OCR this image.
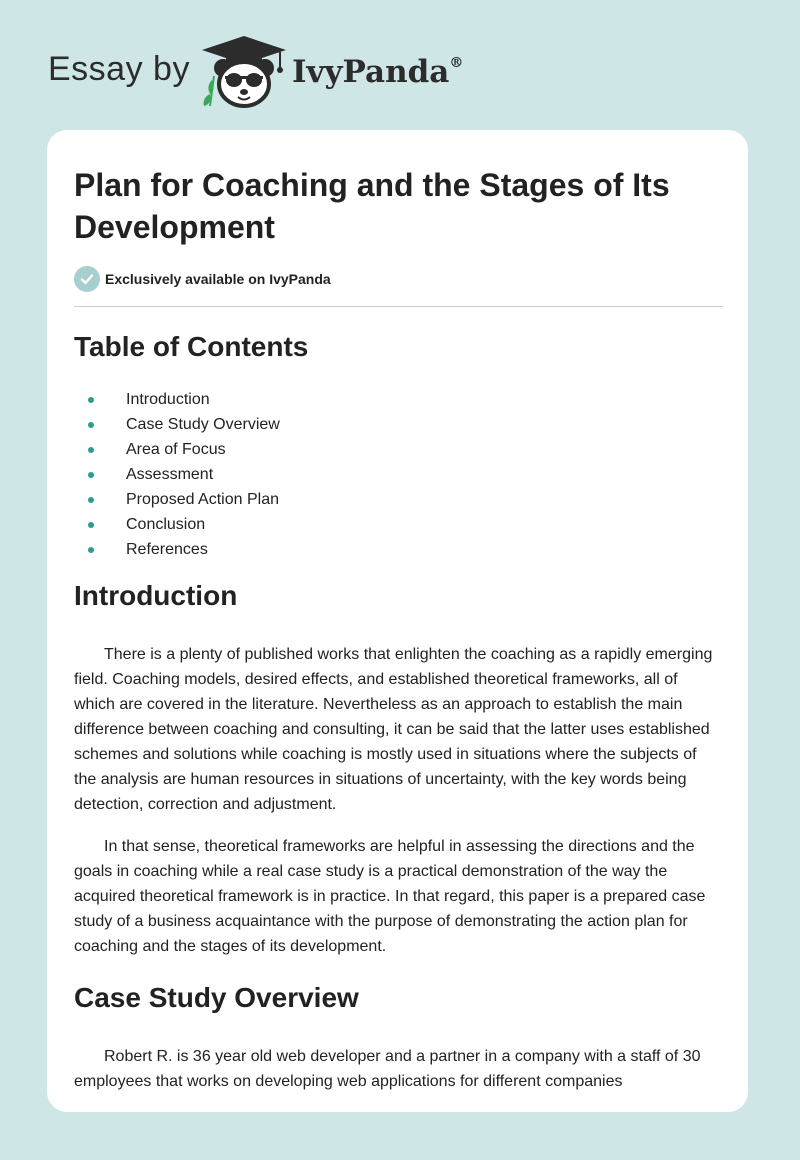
Essay by	IvyPanda®
Plan for Coaching and the Stages of Its Development
Exclusively available on IvyPanda
Table of Contents
Introduction
Case Study Overview
Area of Focus
Assessment
Proposed Action Plan
Conclusion
References
Introduction

There is a plenty of published works that enlighten the coaching as a rapidly emerging field. Coaching models, desired effects, and established theoretical frameworks, all of which are covered in the literature. Nevertheless as an approach to establish the main difference between coaching and consulting, it can be said that the latter uses established schemes and solutions while coaching is mostly used in situations where the subjects of the analysis are human resources in situations of uncertainty, with the key words being detection, correction and adjustment.

In that sense, theoretical frameworks are helpful in assessing the directions and the goals in coaching while a real case study is a practical demonstration of the way the acquired theoretical framework is in practice. In that regard, this paper is a prepared case study of a business acquaintance with the purpose of demonstrating the action plan for coaching and the stages of its development.

Case Study Overview

Robert R. is 36 year old web developer and a partner in a company with a staff of 30 employees that works on developing web applications for different companies
